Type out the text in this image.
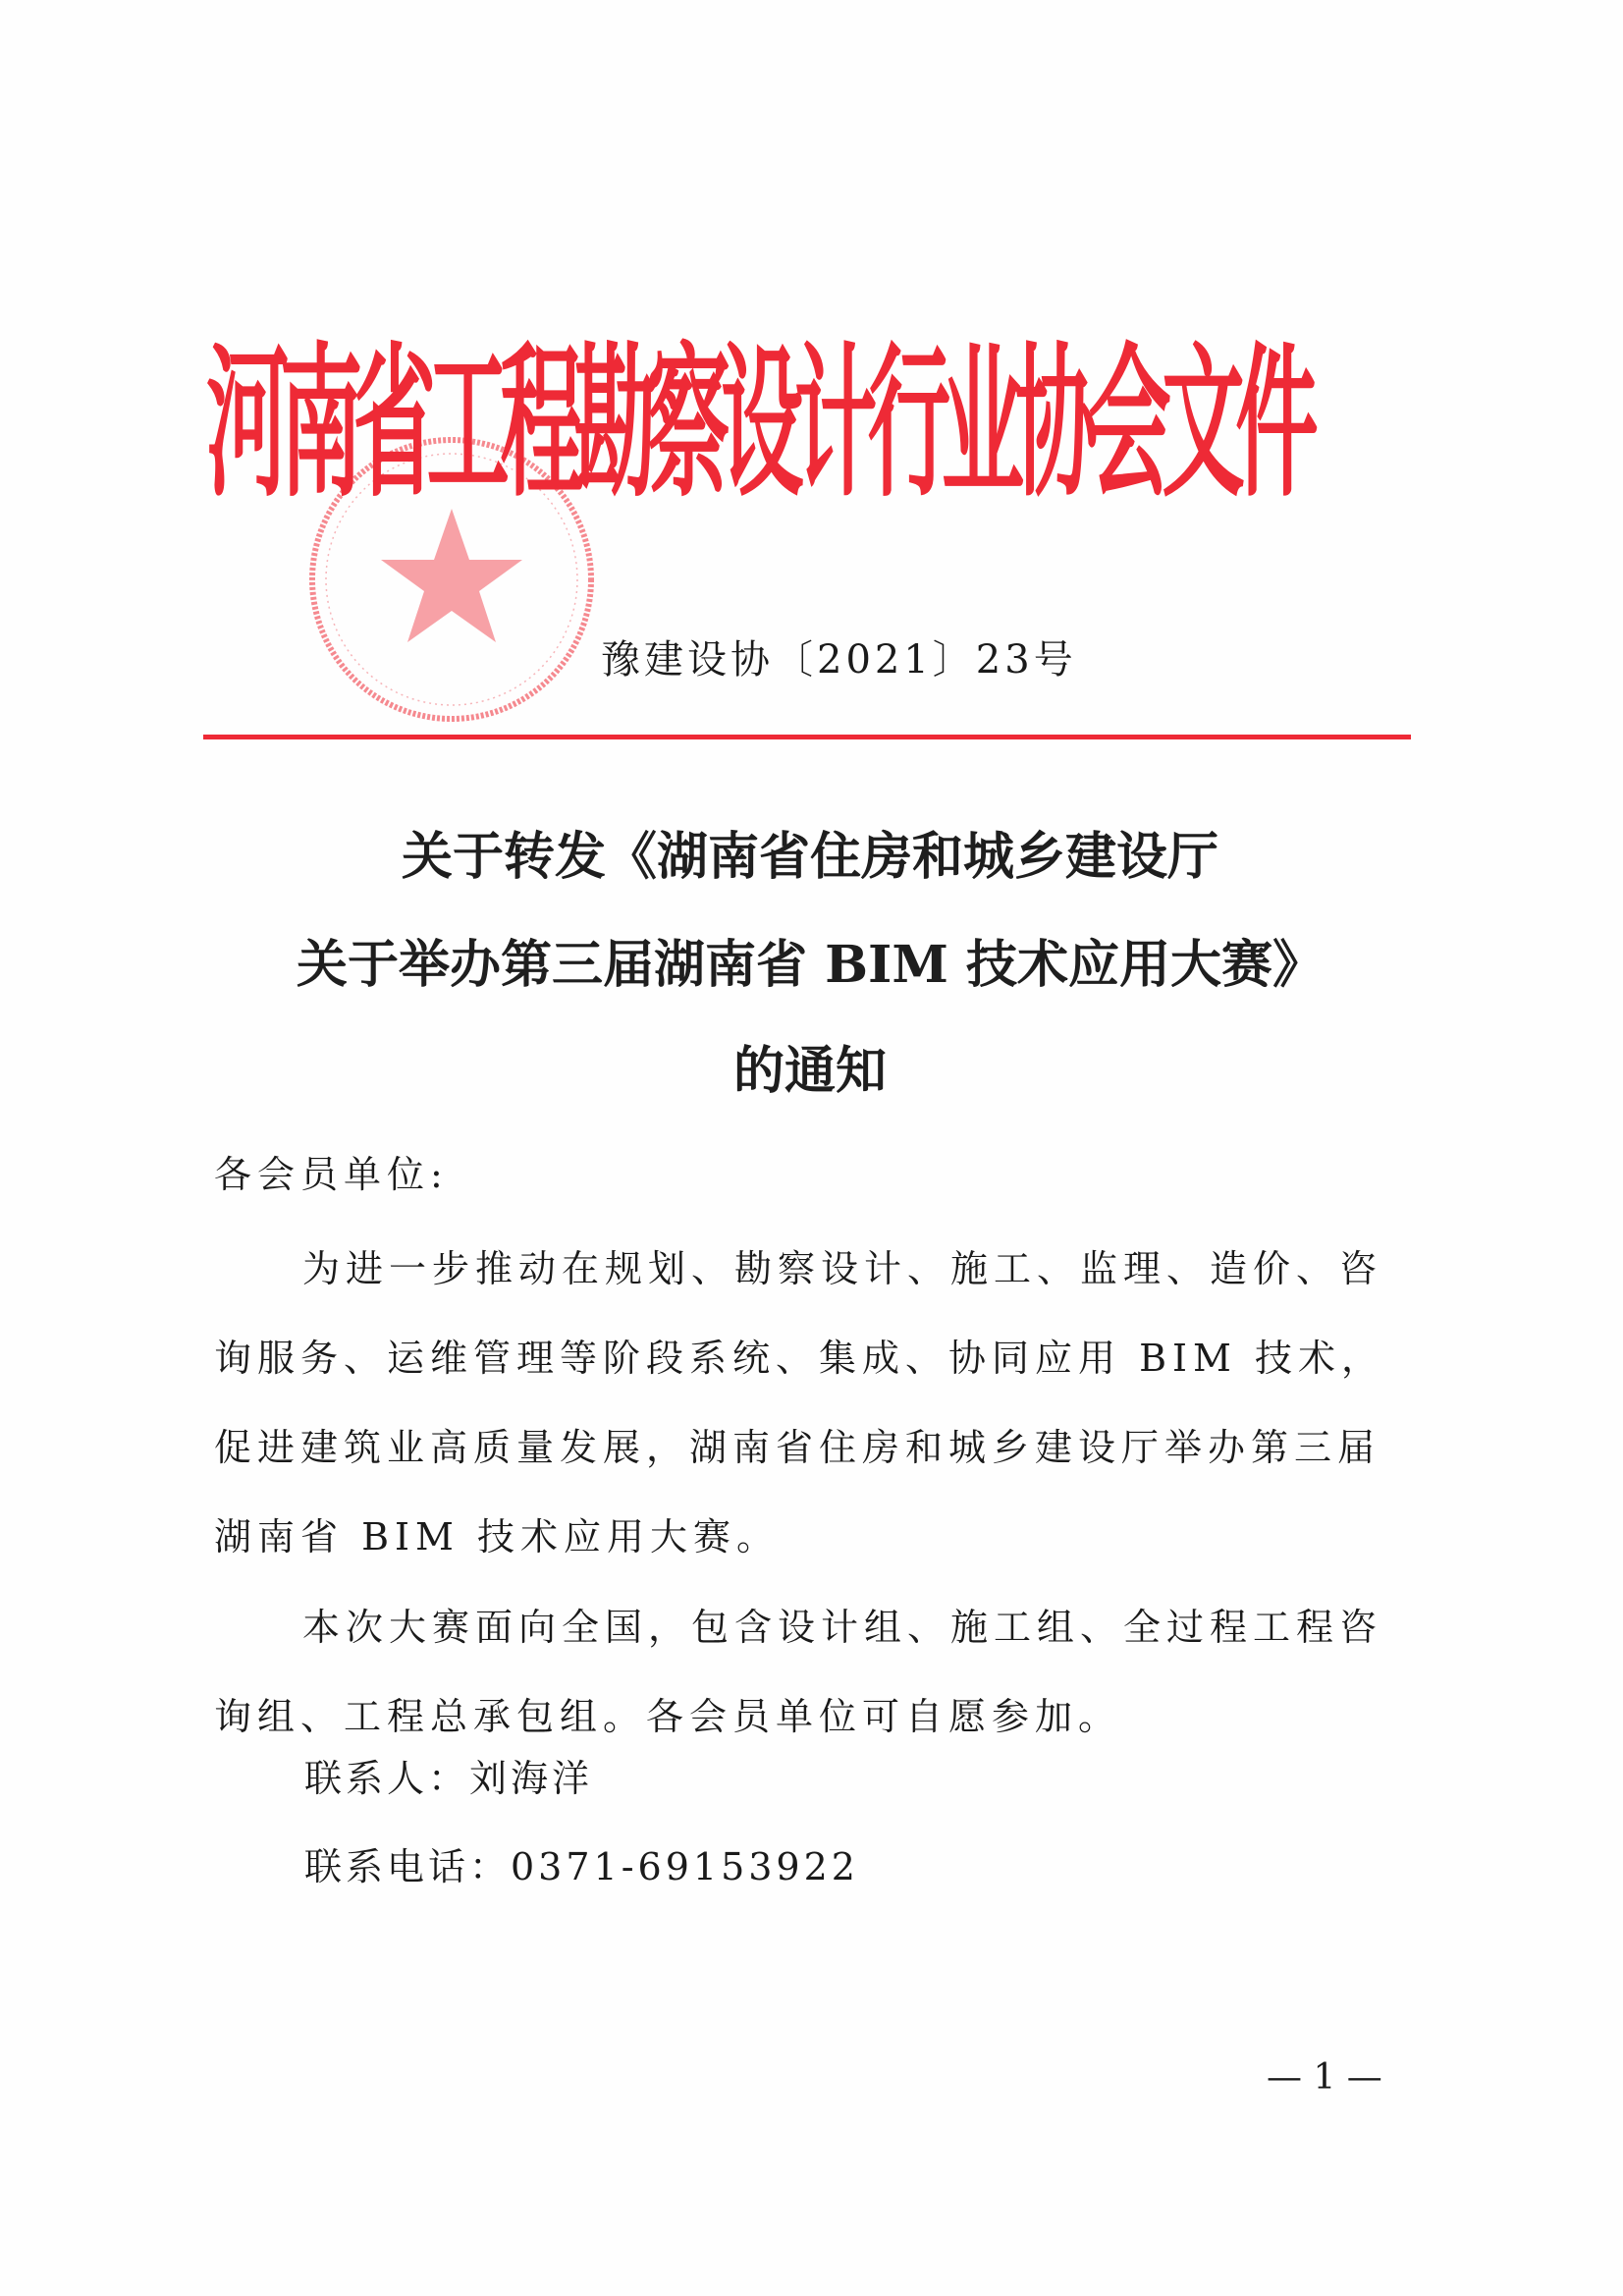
河南省工程勘察设计行业协会文件
豫建设协〔2021〕23号
关于转发《湖南省住房和城乡建设厅
关于举办第三届湖南省 BIM 技术应用大赛》
的通知
各会员单位:
为进一步推动在规划、勘察设计、施工、监理、造价、咨询服务、运维管理等阶段系统、集成、协同应用 BIM 技术，促进建筑业高质量发展，湖南省住房和城乡建设厅举办第三届湖南省 BIM 技术应用大赛。
本次大赛面向全国，包含设计组、施工组、全过程工程咨询组、工程总承包组。各会员单位可自愿参加。
联系人：刘海洋
联系电话：0371-69153922
— 1 —
